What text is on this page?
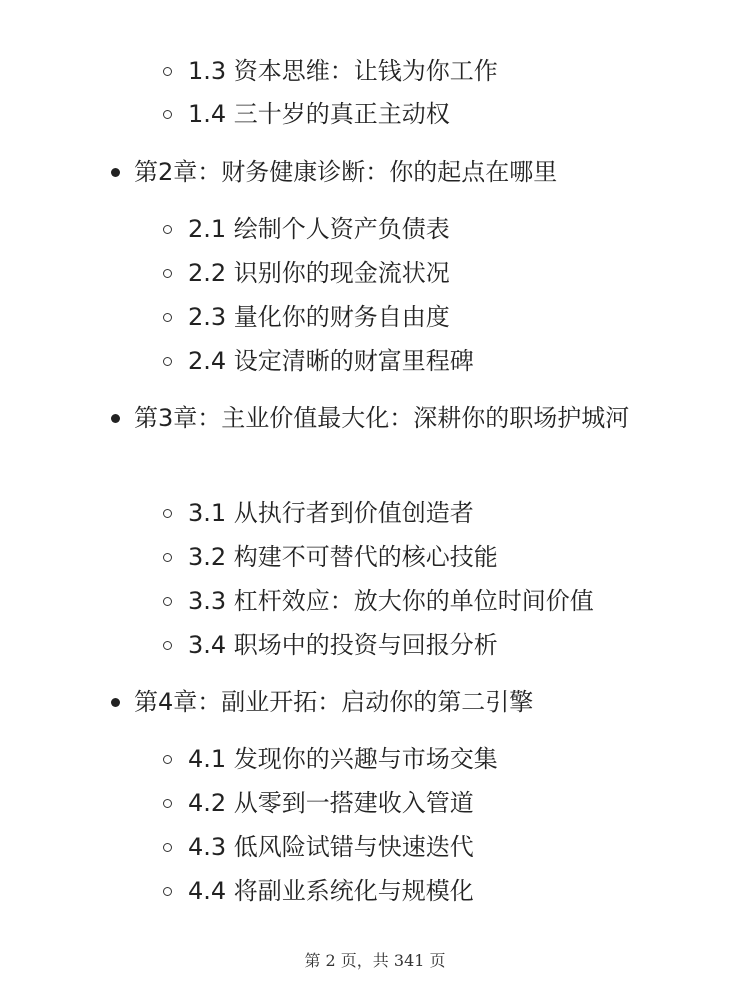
1.3 资本思维：让钱为你工作
1.4 三十岁的真正主动权
第2章：财务健康诊断：你的起点在哪里
2.1 绘制个人资产负债表
2.2 识别你的现金流状况
2.3 量化你的财务自由度
2.4 设定清晰的财富里程碑
第3章：主业价值最大化：深耕你的职场护城河
3.1 从执行者到价值创造者
3.2 构建不可替代的核心技能
3.3 杠杆效应：放大你的单位时间价值
3.4 职场中的投资与回报分析
第4章：副业开拓：启动你的第二引擎
4.1 发现你的兴趣与市场交集
4.2 从零到一搭建收入管道
4.3 低风险试错与快速迭代
4.4 将副业系统化与规模化
第 2 页，共 341 页
